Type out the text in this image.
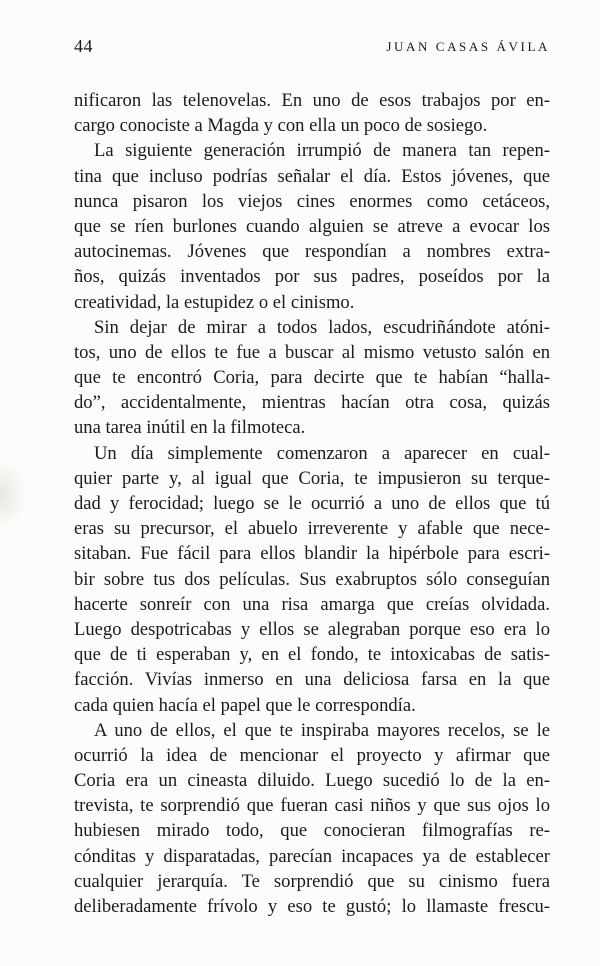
44	JUAN CASAS ÁVILA
nificaron las telenovelas. En uno de esos trabajos por en-
cargo conociste a Magda y con ella un poco de sosiego.
La siguiente generación irrumpió de manera tan repen-
tina que incluso podrías señalar el día. Estos jóvenes, que
nunca pisaron los viejos cines enormes como cetáceos,
que se ríen burlones cuando alguien se atreve a evocar los
autocinemas. Jóvenes que respondían a nombres extra-
ños, quizás inventados por sus padres, poseídos por la
creatividad, la estupidez o el cinismo.
Sin dejar de mirar a todos lados, escudriñándote atóni-
tos, uno de ellos te fue a buscar al mismo vetusto salón en
que te encontró Coria, para decirte que te habían “halla-
do”, accidentalmente, mientras hacían otra cosa, quizás
una tarea inútil en la filmoteca.
Un día simplemente comenzaron a aparecer en cual-
quier parte y, al igual que Coria, te impusieron su terque-
dad y ferocidad; luego se le ocurrió a uno de ellos que tú
eras su precursor, el abuelo irreverente y afable que nece-
sitaban. Fue fácil para ellos blandir la hipérbole para escri-
bir sobre tus dos películas. Sus exabruptos sólo conseguían
hacerte sonreír con una risa amarga que creías olvidada.
Luego despotricabas y ellos se alegraban porque eso era lo
que de ti esperaban y, en el fondo, te intoxicabas de satis-
facción. Vivías inmerso en una deliciosa farsa en la que
cada quien hacía el papel que le correspondía.
A uno de ellos, el que te inspiraba mayores recelos, se le
ocurrió la idea de mencionar el proyecto y afirmar que
Coria era un cineasta diluido. Luego sucedió lo de la en-
trevista, te sorprendió que fueran casi niños y que sus ojos lo
hubiesen mirado todo, que conocieran filmografías re-
cónditas y disparatadas, parecían incapaces ya de establecer
cualquier jerarquía. Te sorprendió que su cinismo fuera
deliberadamente frívolo y eso te gustó; lo llamaste frescu-
